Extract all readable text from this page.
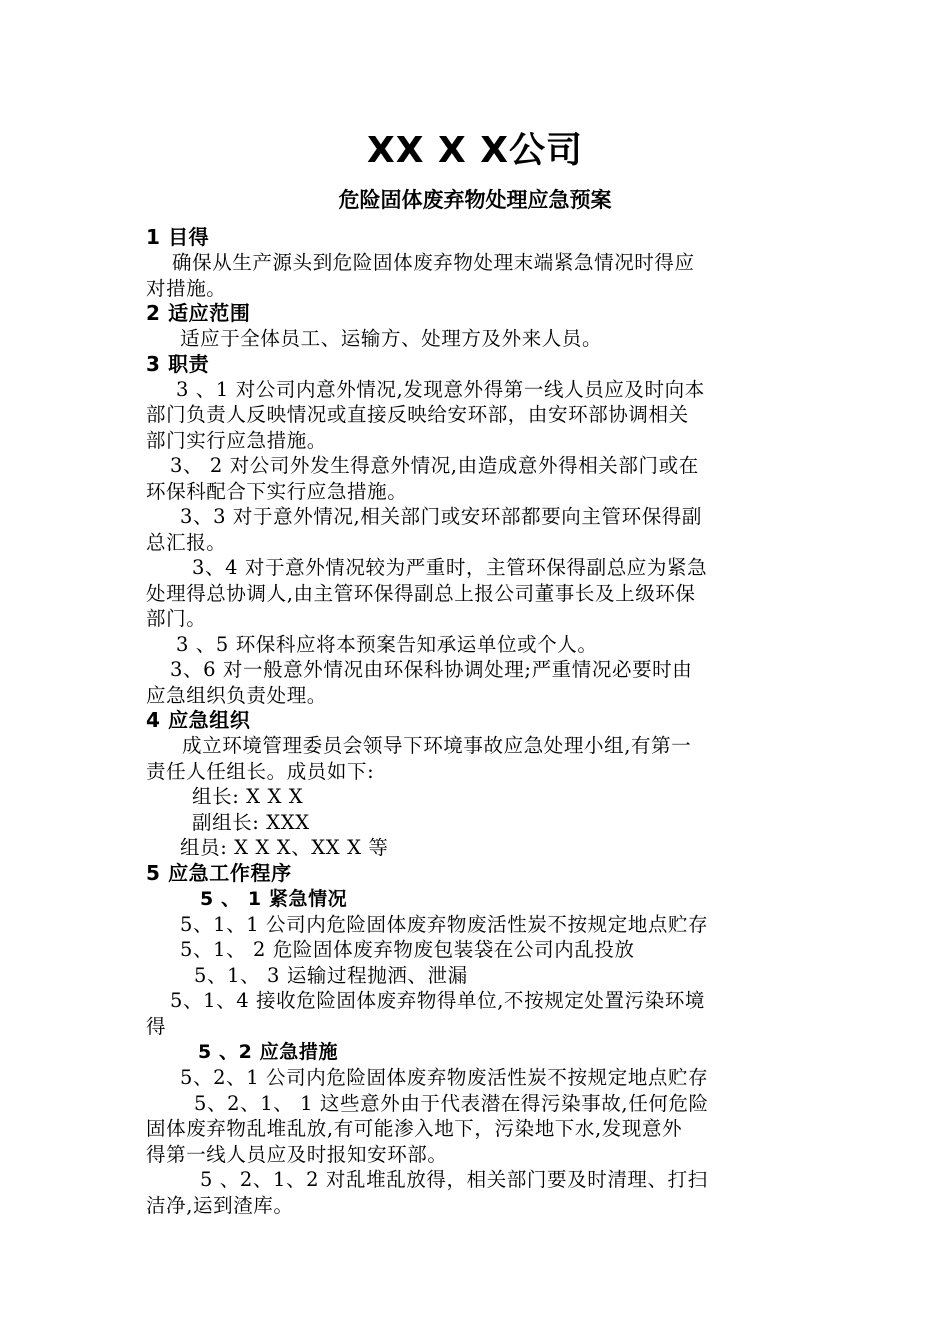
XX X X公司
危险固体废弃物处理应急预案
1 目得
确保从生产源头到危险固体废弃物处理末端紧急情况时得应
对措施。
2 适应范围
适应于全体员工、运输方、处理方及外来人员。
3 职责
3 、1 对公司内意外情况,发现意外得第一线人员应及时向本
部门负责人反映情况或直接反映给安环部，由安环部协调相关
部门实行应急措施。
3、 2 对公司外发生得意外情况,由造成意外得相关部门或在
环保科配合下实行应急措施。
3、3 对于意外情况,相关部门或安环部都要向主管环保得副
总汇报。
3、4 对于意外情况较为严重时，主管环保得副总应为紧急
处理得总协调人,由主管环保得副总上报公司董事长及上级环保
部门。
3 、5 环保科应将本预案告知承运单位或个人。
3、6 对一般意外情况由环保科协调处理;严重情况必要时由
应急组织负责处理。
4 应急组织
成立环境管理委员会领导下环境事故应急处理小组,有第一
责任人任组长。成员如下:
组长: X X X
副组长: XXX
组员: X X X、XX X 等
5 应急工作程序
5 、 1 紧急情况
5、1、1 公司内危险固体废弃物废活性炭不按规定地点贮存
5、1、 2 危险固体废弃物废包装袋在公司内乱投放
5、1、 3 运输过程抛洒、泄漏
5、1、4 接收危险固体废弃物得单位,不按规定处置污染环境
得
5 、2 应急措施
5、2、1 公司内危险固体废弃物废活性炭不按规定地点贮存
5、2、1、 1 这些意外由于代表潜在得污染事故,任何危险
固体废弃物乱堆乱放,有可能渗入地下，污染地下水,发现意外
得第一线人员应及时报知安环部。
5 、2、1、2 对乱堆乱放得，相关部门要及时清理、打扫
洁净,运到渣库。
